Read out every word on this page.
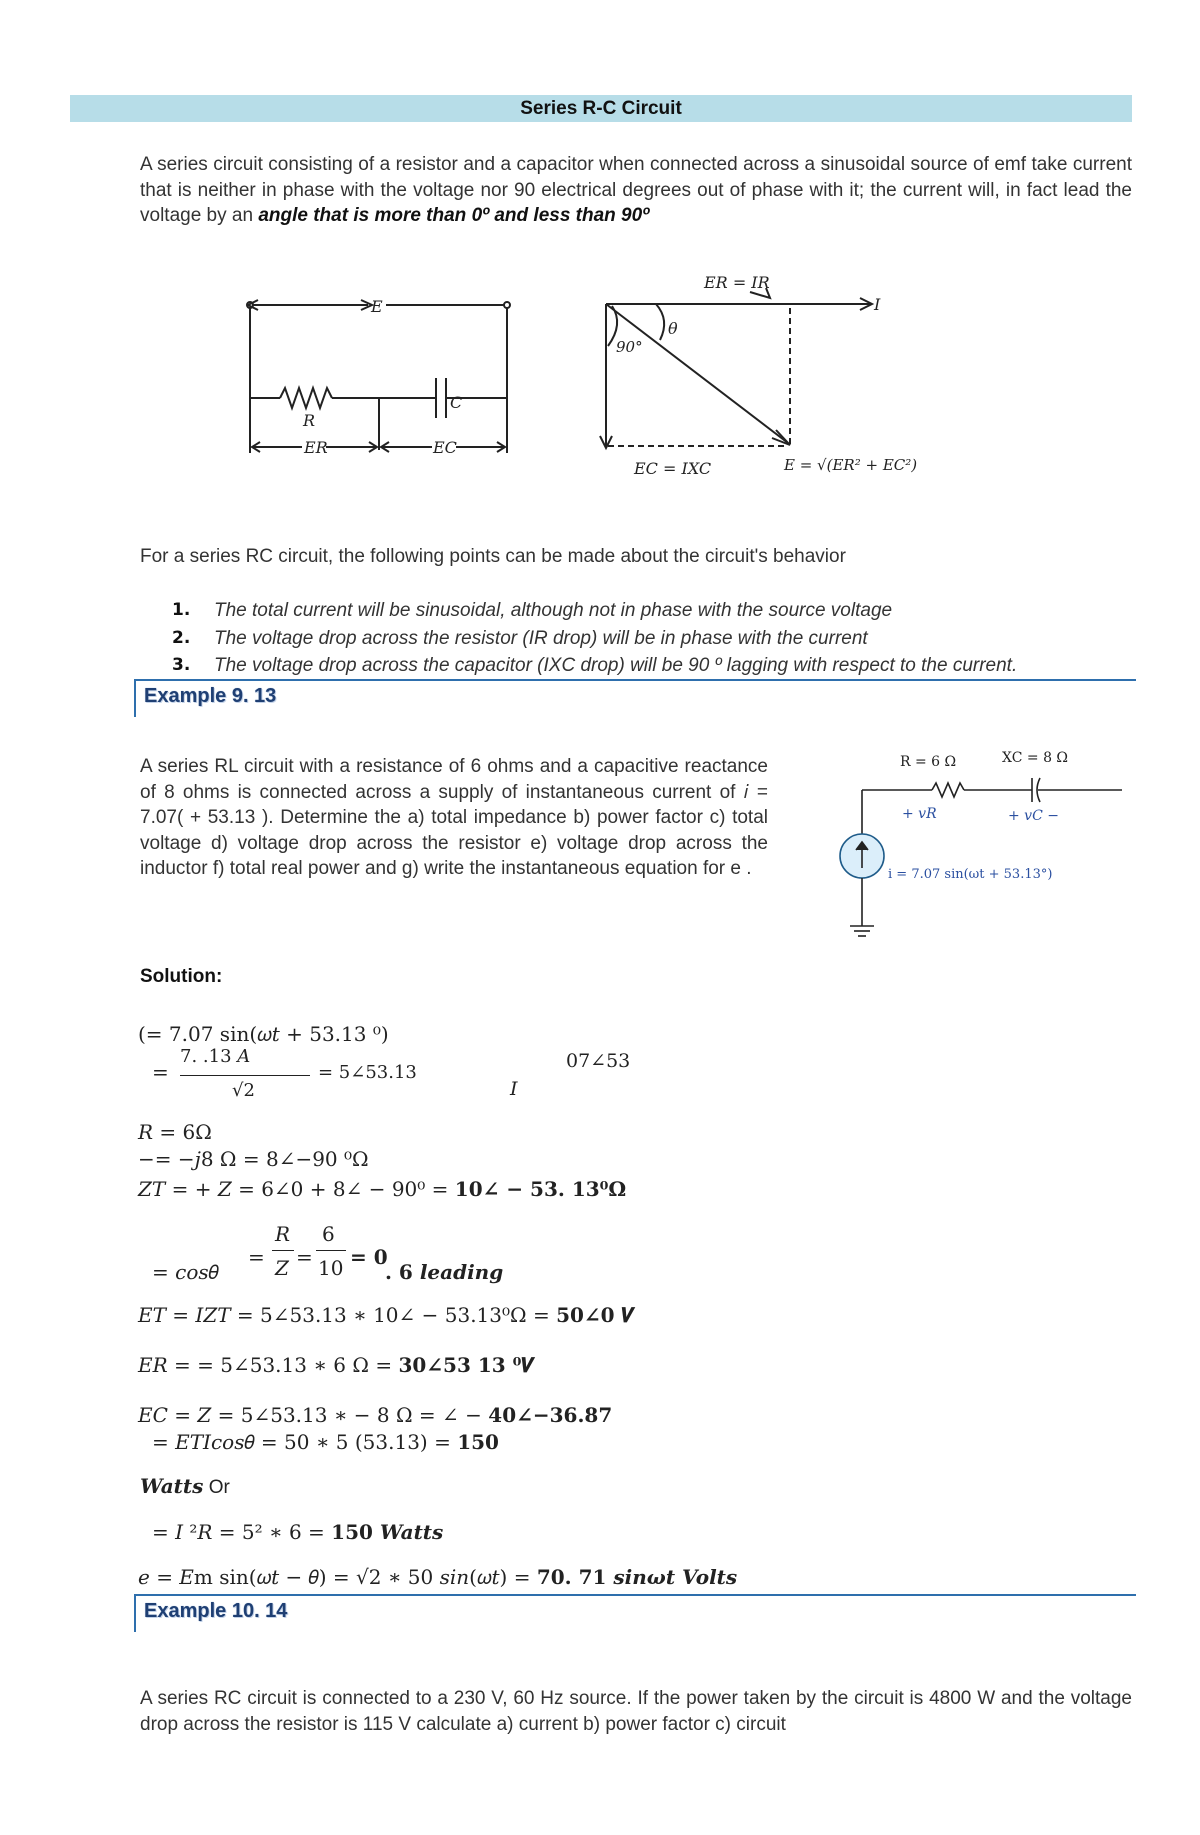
Series R-C Circuit
A series circuit consisting of a resistor and a capacitor when connected across a sinusoidal source of emf take current that is neither in phase with the voltage nor 90 electrical degrees out of phase with it; the current will, in fact lead the voltage by an angle that is more than 0º and less than 90º
E
R
C
ER	EC
ER = IR
I
θ
90°
EC = IXC	E = √(ER² + EC²)
For a series RC circuit, the following points can be made about the circuit's behavior
1.	The total current will be sinusoidal, although not in phase with the source voltage
2.	The voltage drop across the resistor (IR drop) will be in phase with the current
3.	The voltage drop across the capacitor (IXC drop) will be 90 º lagging with respect to the current.
Example 9. 13
A series RL circuit with a resistance of 6 ohms and a capacitive reactance of 8 ohms is connected across a supply of instantaneous current of 𝑖 = 7.07( + 53.13 ). Determine the a) total impedance b) power factor c) total voltage d) voltage drop across the resistor e) voltage drop across the inductor f) total real power and g) write the instantaneous equation for e .
R = 6 Ω	XC = 8 Ω
+ vR	+ vC −
i = 7.07 sin(ωt + 53.13°)
Solution:
(= 7.07 sin(𝜔𝑡 + 53.13 ⁰)
=
7. .13 𝐴
√2
= 5∠53.13
07∠53
𝐼
𝑅 = 6Ω
−= −𝑗8 Ω = 8∠−90 ⁰Ω
𝑍𝑇 = + 𝑍 = 6∠0 + 8∠ − 90⁰ = 10∠ − 53. 13⁰Ω
= 𝑐𝑜𝑠𝜃
=
𝑅
𝑍 =
6
10 = 𝟎
. 6 leading
𝐸𝑇 = 𝐼𝑍𝑇 = 5∠53.13 ∗ 10∠ − 53.13⁰Ω = 50∠0 𝑽
𝐸𝑅 = = 5∠53.13 ∗ 6 Ω = 30∠53 13 ⁰𝑽
𝐸𝐶 = 𝑍 = 5∠53.13 ∗ − 8 Ω = ∠ − 40∠−36.87
= 𝐸𝑇𝐼𝑐𝑜𝑠𝜃 = 50 ∗ 5 (53.13) = 150
Watts Or
= 𝐼 ²𝑅 = 5² ∗ 6 = 150 Watts
𝑒 = 𝐸m sin(𝜔𝑡 − 𝜃) = √2 ∗ 50 𝑠𝑖𝑛(𝜔𝑡) = 70. 71 sinωt Volts
Example 10. 14
A series RC circuit is connected to a 230 V, 60 Hz source. If the power taken by the circuit is 4800 W and the voltage drop across the resistor is 115 V calculate a) current b) power factor c) circuit
